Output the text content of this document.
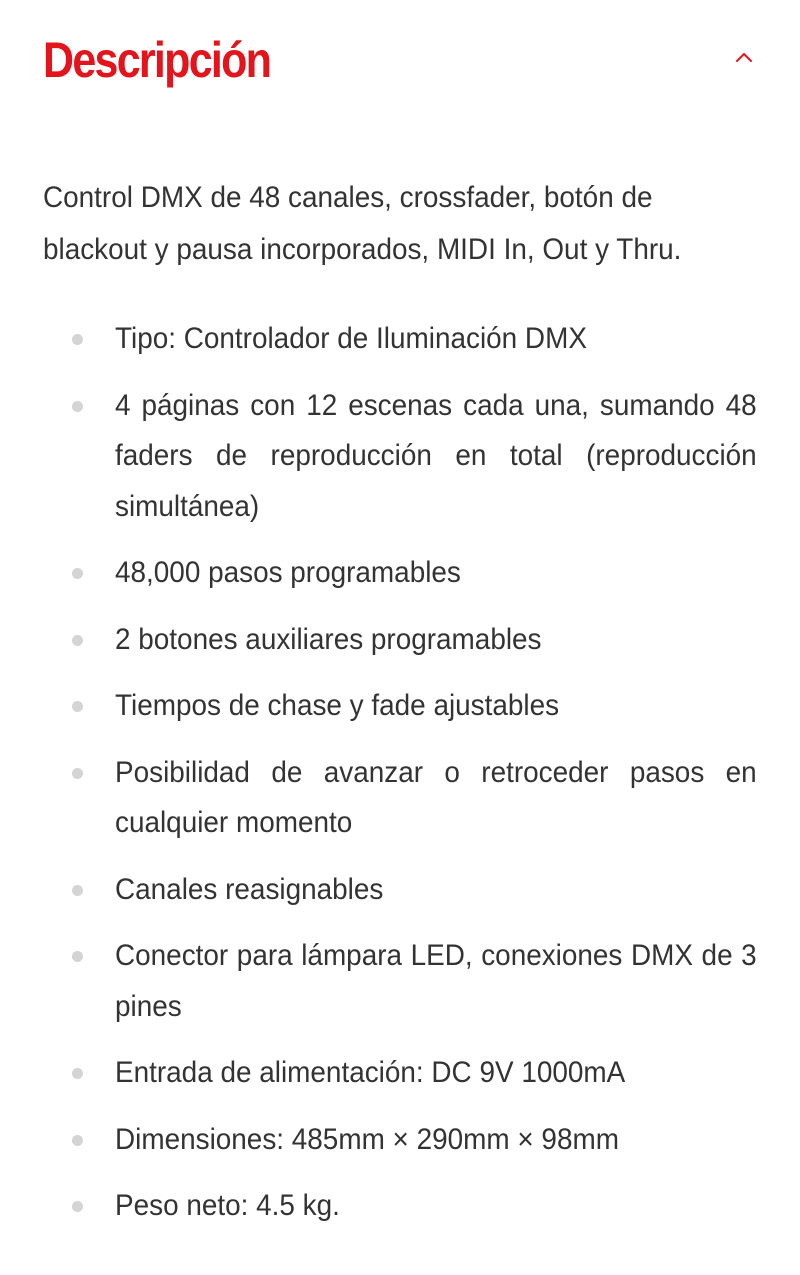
Descripción

Control DMX de 48 canales, crossfader, botón de blackout y pausa incorporados, MIDI In, Out y Thru.

Tipo: Controlador de Iluminación DMX
4 páginas con 12 escenas cada una, sumando 48 faders de reproducción en total (reproducción simultánea)
48,000 pasos programables
2 botones auxiliares programables
Tiempos de chase y fade ajustables
Posibilidad de avanzar o retroceder pasos en cualquier momento
Canales reasignables
Conector para lámpara LED, conexiones DMX de 3 pines
Entrada de alimentación: DC 9V 1000mA
Dimensiones: 485mm × 290mm × 98mm
Peso neto: 4.5 kg.
